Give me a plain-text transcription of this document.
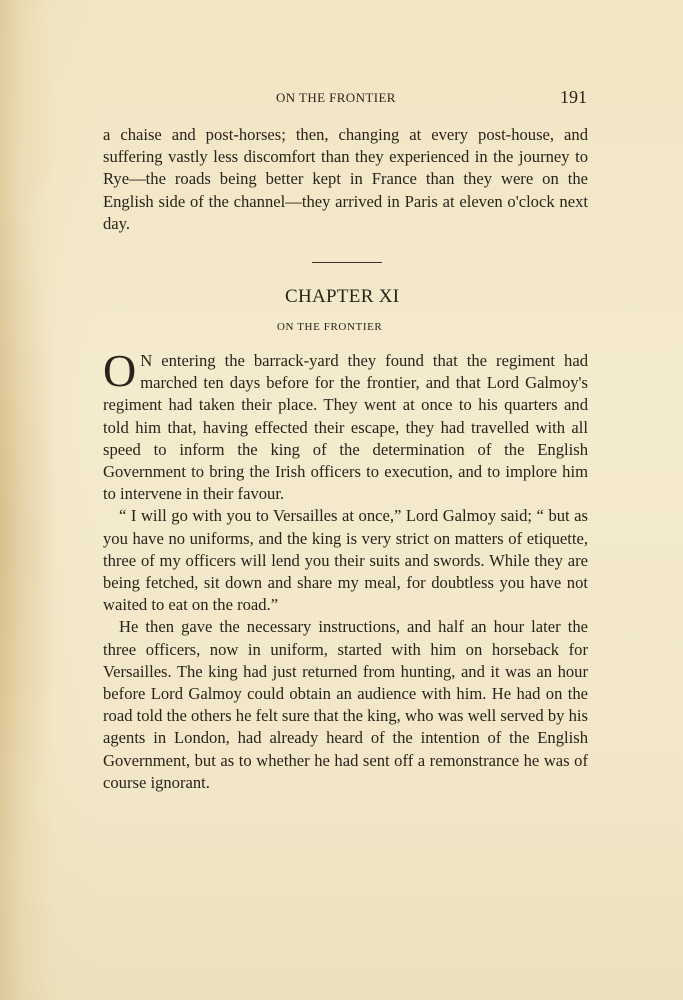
ON THE FRONTIER	191

a chaise and post-horses; then, changing at every post-house, and suffering vastly less discomfort than they experienced in the journey to Rye—the roads being better kept in France than they were on the English side of the channel—they arrived in Paris at eleven o'clock next day.

CHAPTER XI
ON THE FRONTIER

O N entering the barrack-yard they found that the regiment had marched ten days before for the frontier, and that Lord Galmoy's regiment had taken their place. They went at once to his quarters and told him that, having effected their escape, they had travelled with all speed to inform the king of the determination of the English Government to bring the Irish officers to execution, and to implore him to intervene in their favour.

“ I will go with you to Versailles at once,” Lord Galmoy said; “ but as you have no uniforms, and the king is very strict on matters of etiquette, three of my officers will lend you their suits and swords. While they are being fetched, sit down and share my meal, for doubtless you have not waited to eat on the road.”

He then gave the necessary instructions, and half an hour later the three officers, now in uniform, started with him on horseback for Versailles. The king had just returned from hunting, and it was an hour before Lord Galmoy could obtain an audience with him. He had on the road told the others he felt sure that the king, who was well served by his agents in London, had already heard of the intention of the English Government, but as to whether he had sent off a remonstrance he was of course ignorant.
